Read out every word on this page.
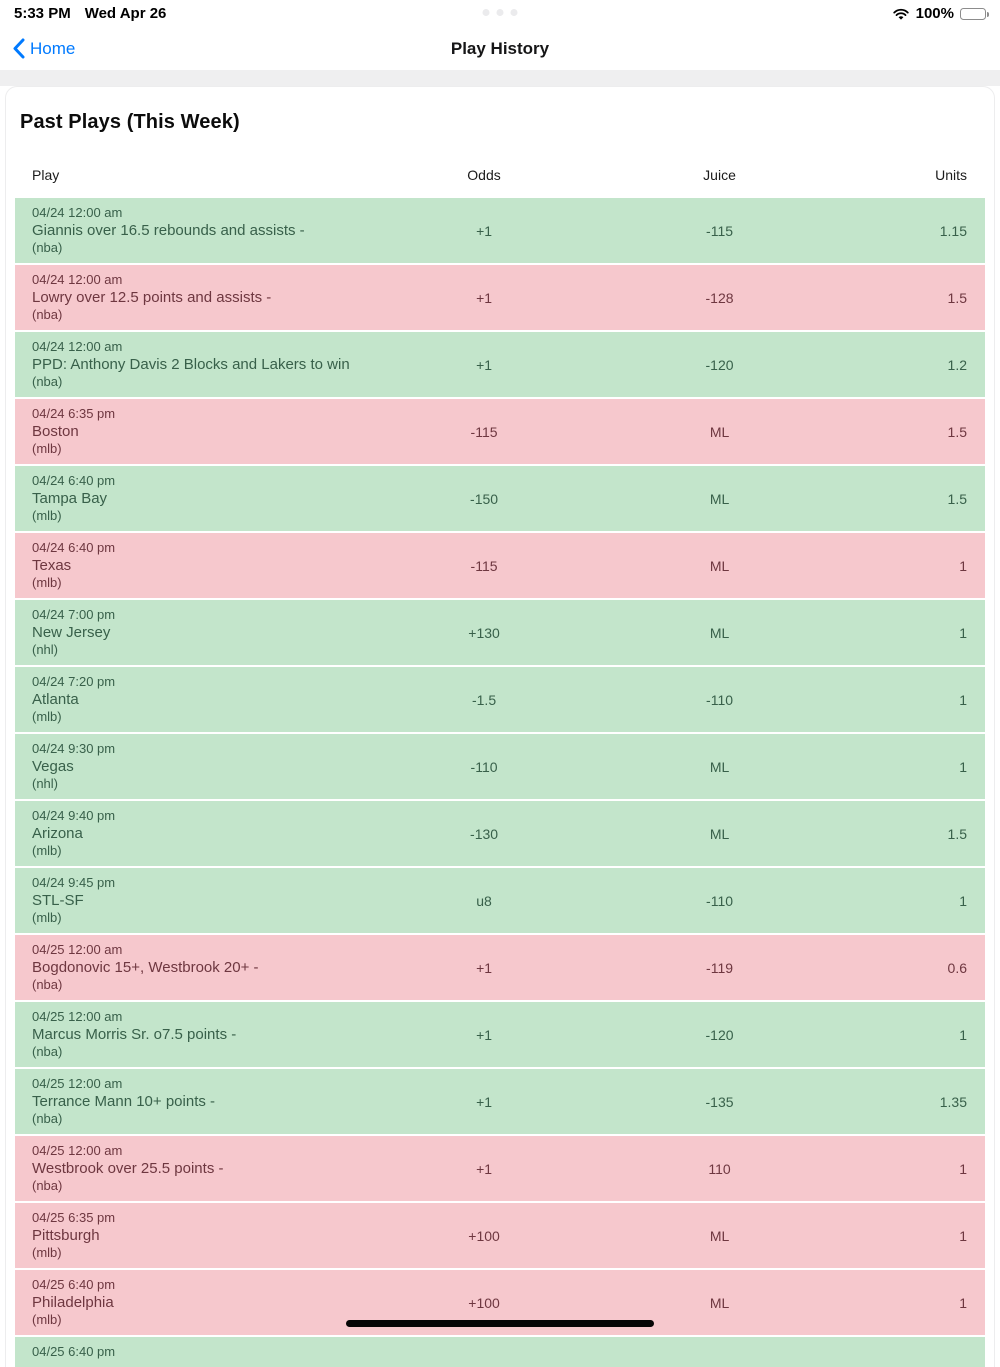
5:33 PM Wed Apr 26	100%
Home	Play History
Past Plays (This Week)
Play	Odds	Juice	Units
04/24 12:00 am
Giannis over 16.5 rebounds and assists -
(nba)
+1	-115	1.15
04/24 12:00 am
Lowry over 12.5 points and assists -
(nba)
+1	-128	1.5
04/24 12:00 am
PPD: Anthony Davis 2 Blocks and Lakers to win
(nba)
+1	-120	1.2
04/24 6:35 pm
Boston
(mlb)
-115	ML	1.5
04/24 6:40 pm
Tampa Bay
(mlb)
-150	ML	1.5
04/24 6:40 pm
Texas
(mlb)
-115	ML	1
04/24 7:00 pm
New Jersey
(nhl)
+130	ML	1
04/24 7:20 pm
Atlanta
(mlb)
-1.5	-110	1
04/24 9:30 pm
Vegas
(nhl)
-110	ML	1
04/24 9:40 pm
Arizona
(mlb)
-130	ML	1.5
04/24 9:45 pm
STL-SF
(mlb)
u8	-110	1
04/25 12:00 am
Bogdonovic 15+, Westbrook 20+ -
(nba)
+1	-119	0.6
04/25 12:00 am
Marcus Morris Sr. o7.5 points -
(nba)
+1	-120	1
04/25 12:00 am
Terrance Mann 10+ points -
(nba)
+1	-135	1.35
04/25 12:00 am
Westbrook over 25.5 points -
(nba)
+1	110	1
04/25 6:35 pm
Pittsburgh
(mlb)
+100	ML	1
04/25 6:40 pm
Philadelphia
(mlb)
+100	ML	1
04/25 6:40 pm
